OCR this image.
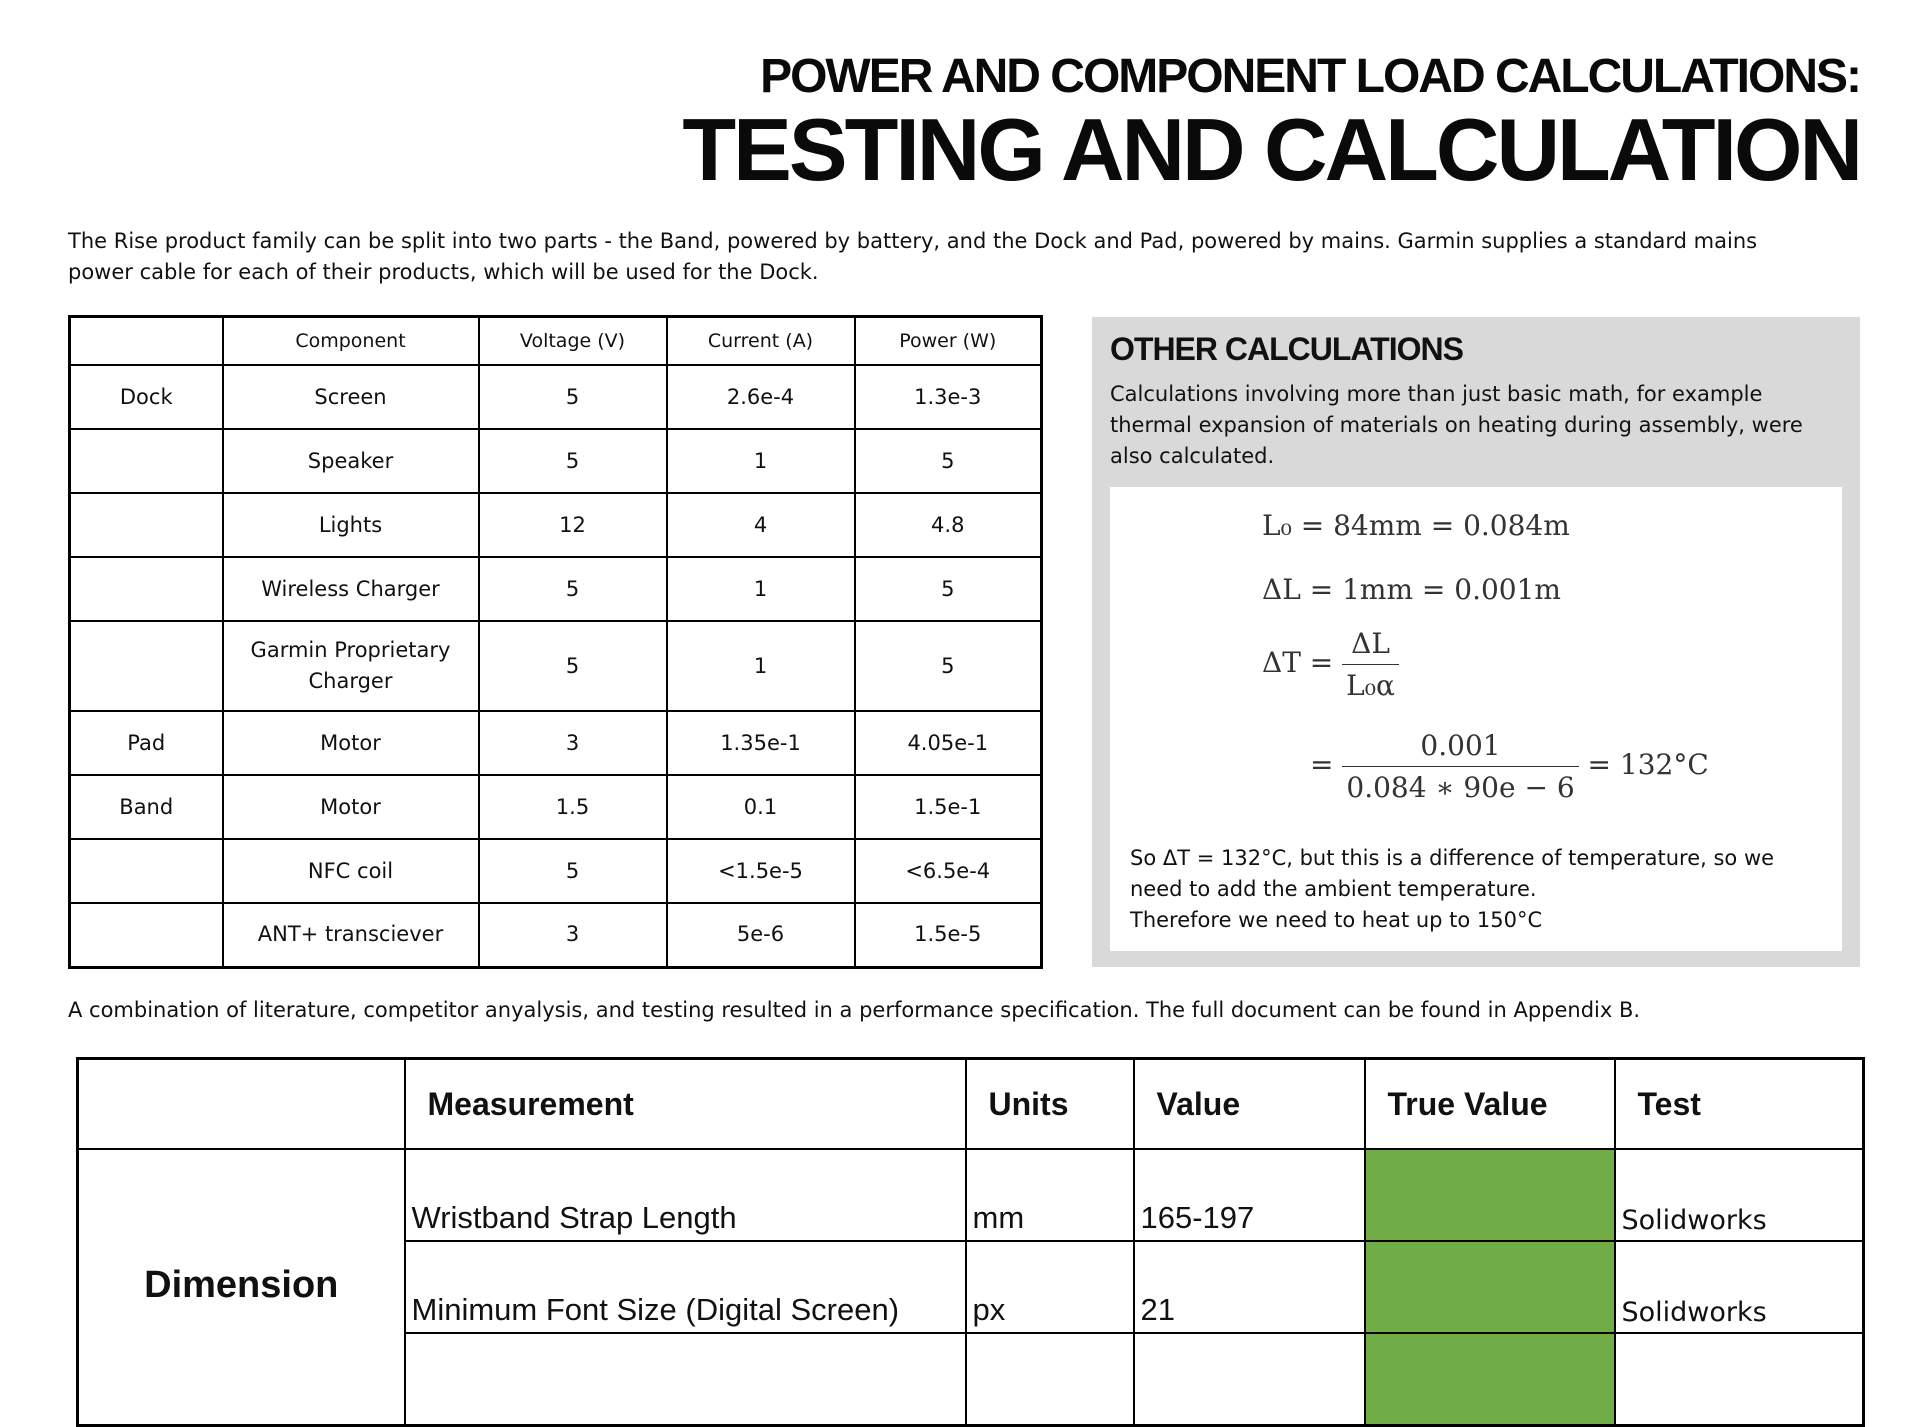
POWER AND COMPONENT LOAD CALCULATIONS:
TESTING AND CALCULATION
The Rise product family can be split into two parts - the Band, powered by battery, and the Dock and Pad, powered by mains. Garmin supplies a standard mains power cable for each of their products, which will be used for the Dock.
	Component	Voltage (V)	Current (A)	Power (W)
Dock	Screen	5	2.6e-4	1.3e-3
	Speaker	5	1	5
	Lights	12	4	4.8
	Wireless Charger	5	1	5
	Garmin Proprietary Charger	5	1	5
Pad	Motor	3	1.35e-1	4.05e-1
Band	Motor	1.5	0.1	1.5e-1
	NFC coil	5	<1.5e-5	<6.5e-4
	ANT+ transciever	3	5e-6	1.5e-5
OTHER CALCULATIONS
Calculations involving more than just basic math, for example thermal expansion of materials on heating during assembly, were also calculated.
L₀ = 84mm = 0.084m
ΔL = 1mm = 0.001m
$\Delta T = \frac{\Delta L}{\text{L₀α}}$
= $\frac{0.001}{0.084 ∗ 90e - 6} = 132^\circ C$
So ΔT = 132°C, but this is a difference of temperature, so we need to add the ambient temperature.
Therefore we need to heat up to 150°C
A combination of literature, competitor anyalysis, and testing resulted in a performance specification. The full document can be found in Appendix B.
	Measurement	Units	Value	True Value	Test
Dimension	Wristband Strap Length	mm	165-197		Solidworks
	Minimum Font Size (Digital Screen)	px	21		Solidworks
